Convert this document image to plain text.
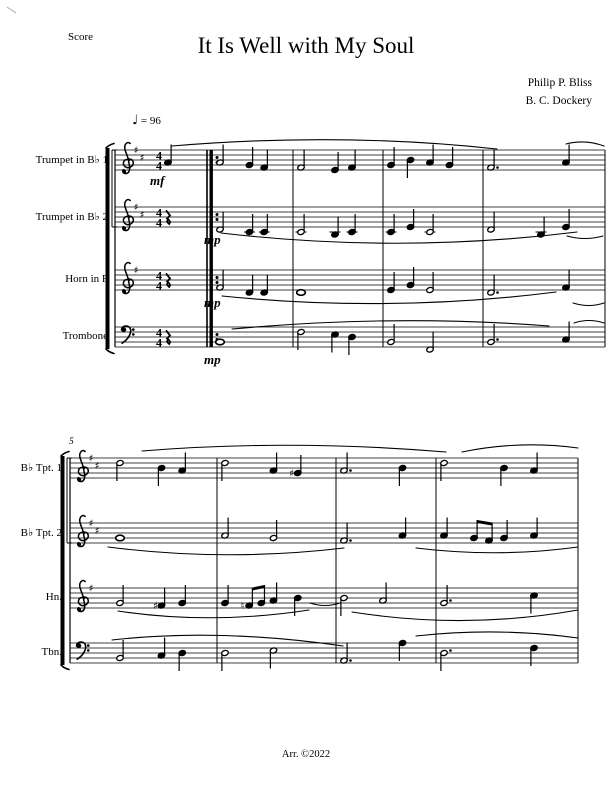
♯
♯ 4
4
♯
♯ 4
4
♯ 4
4
4
4
♯
♯
♯
♯
♯
♯
♯	♮
Score	It Is Well with My Soul
Philip P. Bliss
B. C. Dockery
♩ = 96
5
Trumpet in B♭ 1
Trumpet in B♭ 2
Horn in F
Trombone
B♭ Tpt. 1
B♭ Tpt. 2
Hn.
Tbn.
mf
mp
mp
mp
Arr. ©2022
